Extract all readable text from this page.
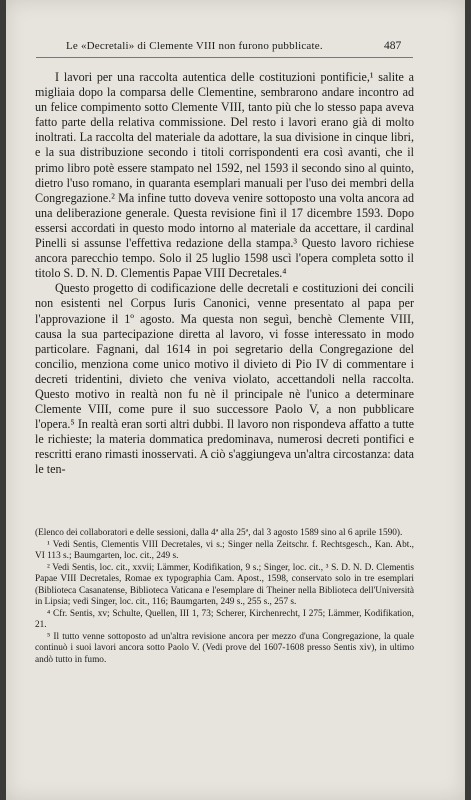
Le «Decretali» di Clemente VIII non furono pubblicate.	487

I lavori per una raccolta autentica delle costituzioni pontificie,¹ salite a migliaia dopo la comparsa delle Clementine, sembrarono andare incontro ad un felice compimento sotto Clemente VIII, tanto più che lo stesso papa aveva fatto parte della relativa commissione. Del resto i lavori erano già di molto inoltrati. La raccolta del materiale da adottare, la sua divisione in cinque libri, e la sua distribuzione secondo i titoli corrispondenti era così avanti, che il primo libro potè essere stampato nel 1592, nel 1593 il secondo sino al quinto, dietro l'uso romano, in quaranta esemplari manuali per l'uso dei membri della Congregazione.² Ma infine tutto doveva venire sottoposto una volta ancora ad una deliberazione generale. Questa revisione finì il 17 dicembre 1593. Dopo essersi accordati in questo modo intorno al materiale da accettare, il cardinal Pinelli si assunse l'effettiva redazione della stampa.³ Questo lavoro richiese ancora parecchio tempo. Solo il 25 luglio 1598 uscì l'opera completa sotto il titolo S. D. N. D. Clementis Papae VIII Decretales.⁴

Questo progetto di codificazione delle decretali e costituzioni dei concili non esistenti nel Corpus Iuris Canonici, venne presentato al papa per l'approvazione il 1º agosto. Ma questa non seguì, benchè Clemente VIII, causa la sua partecipazione diretta al lavoro, vi fosse interessato in modo particolare. Fagnani, dal 1614 in poi segretario della Congregazione del concilio, menziona come unico motivo il divieto di Pio IV di commentare i decreti tridentini, divieto che veniva violato, accettandoli nella raccolta. Questo motivo in realtà non fu nè il principale nè l'unico a determinare Clemente VIII, come pure il suo successore Paolo V, a non pubblicare l'opera.⁵ In realtà eran sorti altri dubbi. Il lavoro non rispondeva affatto a tutte le richieste; la materia dommatica predominava, numerosi decreti pontifici e rescritti erano rimasti inosservati. A ciò s'aggiungeva un'altra circostanza: data le ten-

(Elenco dei collaboratori e delle sessioni, dalla 4ª alla 25ª, dal 3 agosto 1589 sino al 6 aprile 1590).

¹ Vedi Sentis, Clementis VIII Decretales, vi s.; Singer nella Zeitschr. f. Rechtsgesch., Kan. Abt., VI 113 s.; Baumgarten, loc. cit., 249 s.

² Vedi Sentis, loc. cit., xxvii; Lämmer, Kodifikation, 9 s.; Singer, loc. cit., ³ S. D. N. D. Clementis Papae VIII Decretales, Romae ex typographia Cam. Apost., 1598, conservato solo in tre esemplari (Biblioteca Casanatense, Biblioteca Vaticana e l'esemplare di Theiner nella Biblioteca dell'Università in Lipsia; vedi Singer, loc. cit., 116; Baumgarten, 249 s., 255 s., 257 s.

⁴ Cfr. Sentis, xv; Schulte, Quellen, III 1, 73; Scherer, Kirchenrecht, I 275; Lämmer, Kodifikation, 21.

⁵ Il tutto venne sottoposto ad un'altra revisione ancora per mezzo d'una Congregazione, la quale continuò i suoi lavori ancora sotto Paolo V. (Vedi prove del 1607-1608 presso Sentis xiv), in ultimo andò tutto in fumo.
